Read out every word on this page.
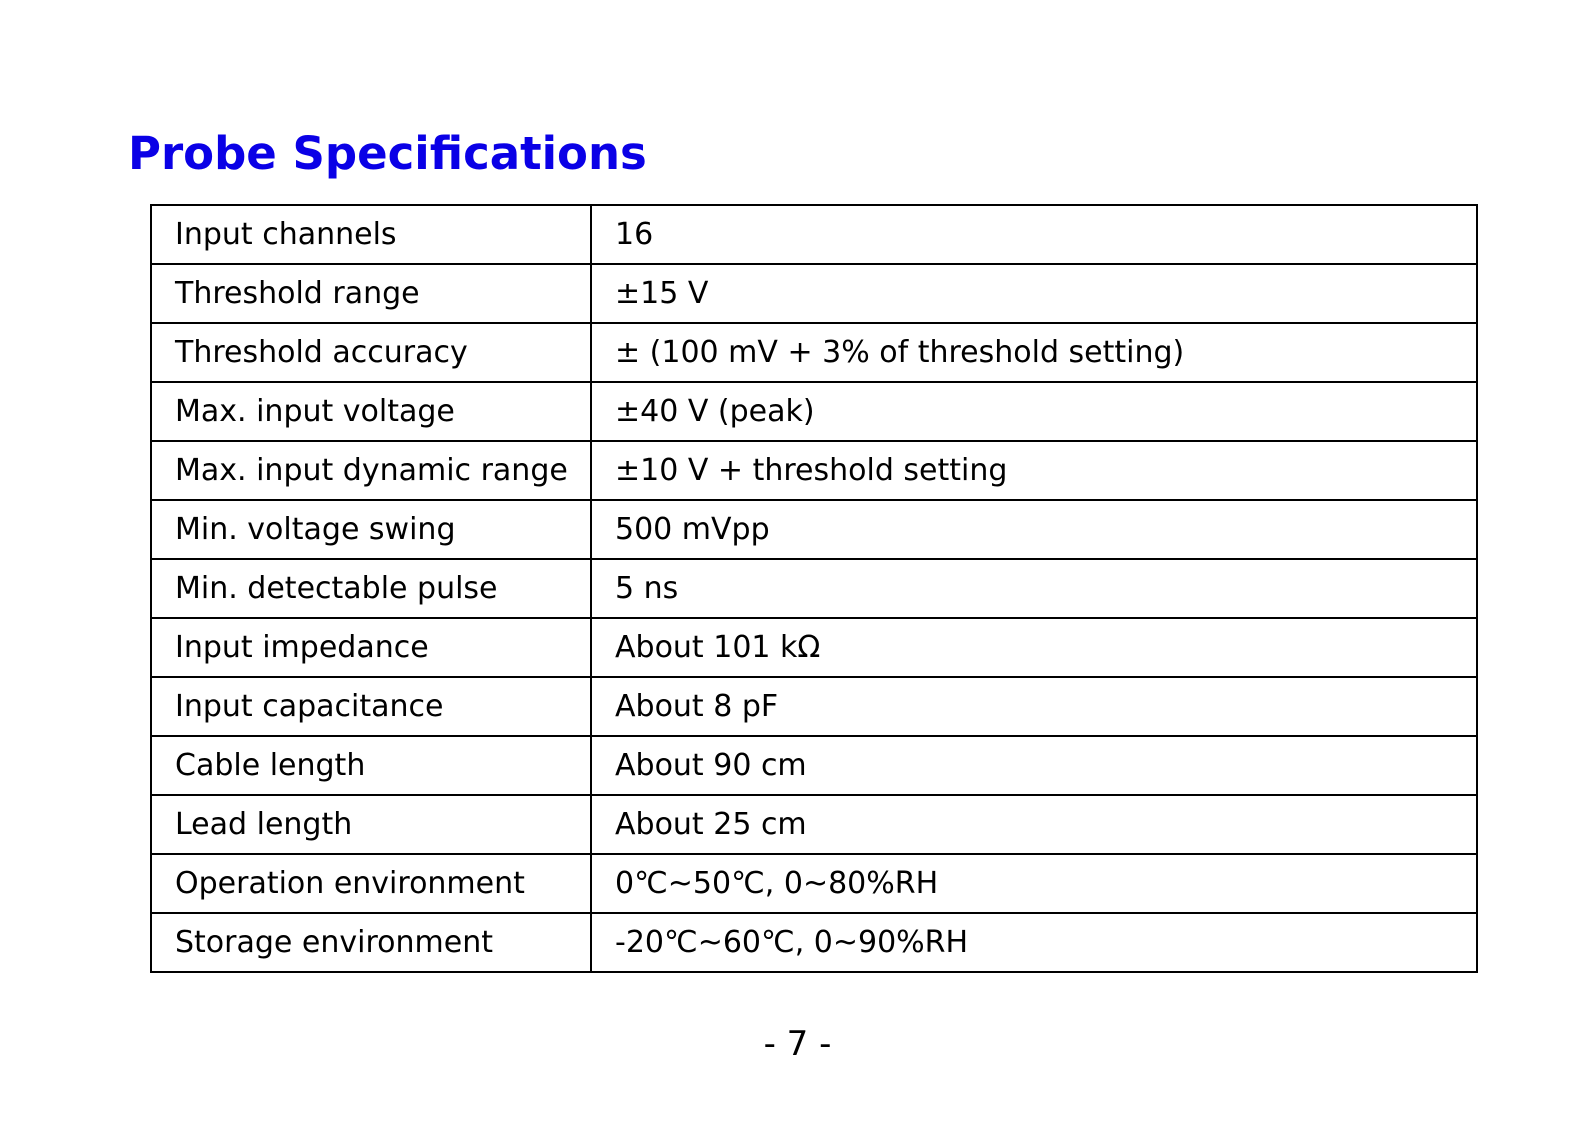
Probe Specifications
Input channels	16
Threshold range	±15 V
Threshold accuracy	± (100 mV + 3% of threshold setting)
Max. input voltage	±40 V (peak)
Max. input dynamic range	±10 V + threshold setting
Min. voltage swing	500 mVpp
Min. detectable pulse	5 ns
Input impedance	About 101 kΩ
Input capacitance	About 8 pF
Cable length	About 90 cm
Lead length	About 25 cm
Operation environment	0℃~50℃, 0~80%RH
Storage environment	-20℃~60℃, 0~90%RH
- 7 -
